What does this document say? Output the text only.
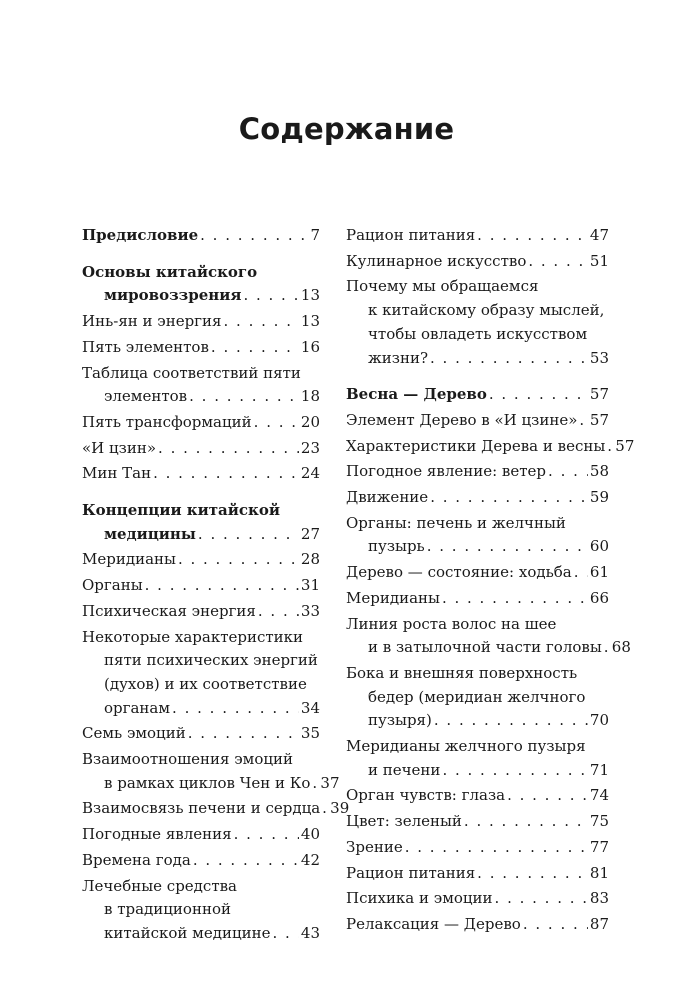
Содержание
Предисловие . . .	7
Основы китайского
мировоззрения . . .	13
Инь-ян и энергия . . .	13
Пять элементов . . .	16
Таблица соответствий пяти
элементов . . .	18
Пять трансформаций . . .	20
«И цзин» . . .	23
Мин Тан . . .	24
Концепции китайской
медицины . . .	27
Меридианы . . .	28
Органы . . .	31
Психическая энергия . . .	33
Некоторые характеристики
пяти психических энергий
(духов) и их соответствие
органам . . .	34
Семь эмоций . . .	35
Взаимоотношения эмоций
в рамках циклов Чен и Ко . . . 37
Взаимосвязь печени и сердца . . . 39
Погодные явления . . .	40
Времена года . . .	42
Лечебные средства
в традиционной
китайской медицине . . . 43
Рацион питания . . .	47
Кулинарное искусство . . .	51
Почему мы обращаемся
к китайскому образу мыслей,
чтобы овладеть искусством
жизни? . . .	53
Весна — Дерево . . .	57
Элемент Дерево в «И цзине» . . . 57
Характеристики Дерева и весны . . . 57
Погодное явление: ветер . . .	58
Движение . . .	59
Органы: печень и желчный
пузырь . . .	60
Дерево — состояние: ходьба . . . 61
Меридианы . . .	66
Линия роста волос на шее
и в затылочной части головы . . . 68
Бока и внешняя поверхность
бедер (меридиан желчного
пузыря) . . .	70
Меридианы желчного пузыря
и печени . . .	71
Орган чувств: глаза . . .	74
Цвет: зеленый . . .	75
Зрение . . .	77
Рацион питания . . .	81
Психика и эмоции . . .	83
Релаксация — Дерево . . .	87
